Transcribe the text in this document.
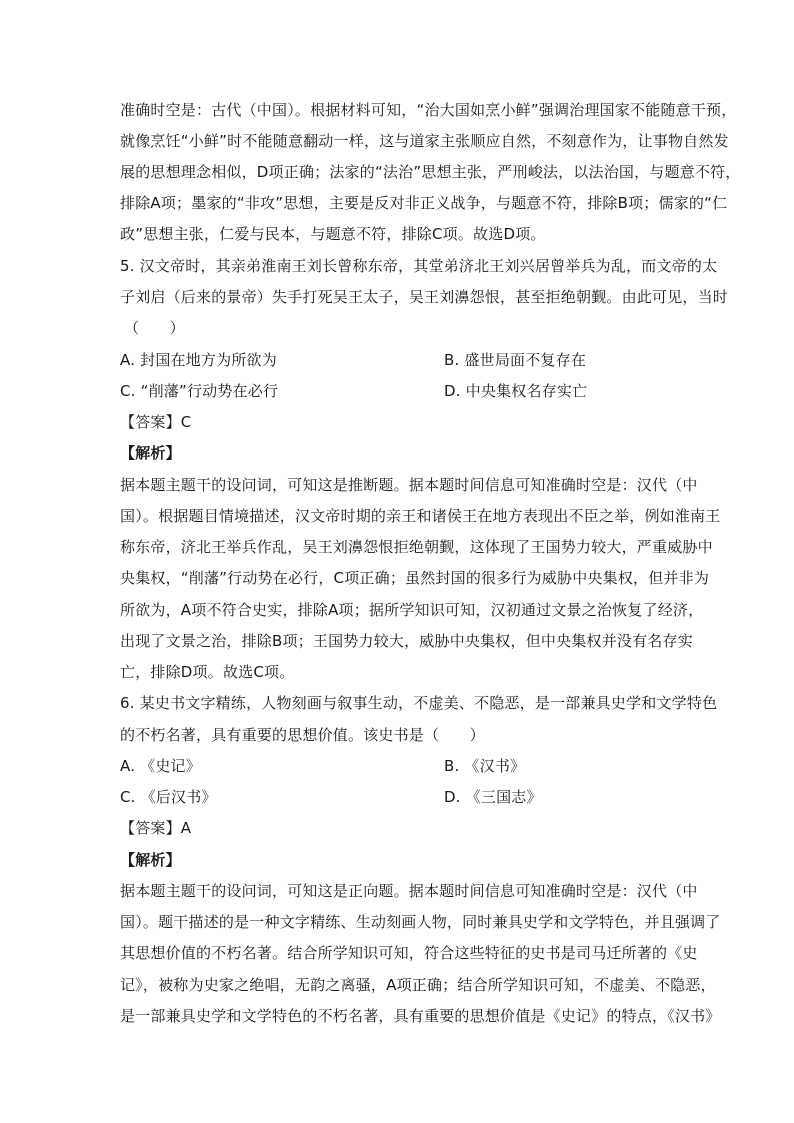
准确时空是：古代（中国）。根据材料可知，“治大国如烹小鲜”强调治理国家不能随意干预，
就像烹饪“小鲜”时不能随意翻动一样，这与道家主张顺应自然，不刻意作为，让事物自然发
展的思想理念相似，D项正确；法家的“法治”思想主张，严刑峻法，以法治国，与题意不符，
排除A项；墨家的“非攻”思想，主要是反对非正义战争，与题意不符，排除B项；儒家的“仁
政”思想主张，仁爱与民本，与题意不符，排除C项。故选D项。
5. 汉文帝时，其亲弟淮南王刘长曾称东帝，其堂弟济北王刘兴居曾举兵为乱，而文帝的太
子刘启（后来的景帝）失手打死吴王太子，吴王刘濞怨恨，甚至拒绝朝觐。由此可见，当时
（　　）
A. 封国在地方为所欲为	B. 盛世局面不复存在
C. “削藩”行动势在必行	D. 中央集权名存实亡
【答案】C
【解析】
据本题主题干的设问词，可知这是推断题。据本题时间信息可知准确时空是：汉代（中
国）。根据题目情境描述，汉文帝时期的亲王和诸侯王在地方表现出不臣之举，例如淮南王
称东帝，济北王举兵作乱，吴王刘濞怨恨拒绝朝觐，这体现了王国势力较大，严重威胁中
央集权，“削藩”行动势在必行，C项正确；虽然封国的很多行为威胁中央集权，但并非为
所欲为，A项不符合史实，排除A项；据所学知识可知，汉初通过文景之治恢复了经济，
出现了文景之治，排除B项；王国势力较大，威胁中央集权，但中央集权并没有名存实
亡，排除D项。故选C项。
6. 某史书文字精练，人物刻画与叙事生动，不虚美、不隐恶，是一部兼具史学和文学特色
的不朽名著，具有重要的思想价值。该史书是（　　）
A. 《史记》	B. 《汉书》
C. 《后汉书》	D. 《三国志》
【答案】A
【解析】
据本题主题干的设问词，可知这是正向题。据本题时间信息可知准确时空是：汉代（中
国）。题干描述的是一种文字精练、生动刻画人物，同时兼具史学和文学特色，并且强调了
其思想价值的不朽名著。结合所学知识可知，符合这些特征的史书是司马迁所著的《史
记》，被称为史家之绝唱，无韵之离骚，A项正确；结合所学知识可知，不虚美、不隐恶，
是一部兼具史学和文学特色的不朽名著，具有重要的思想价值是《史记》的特点，《汉书》
